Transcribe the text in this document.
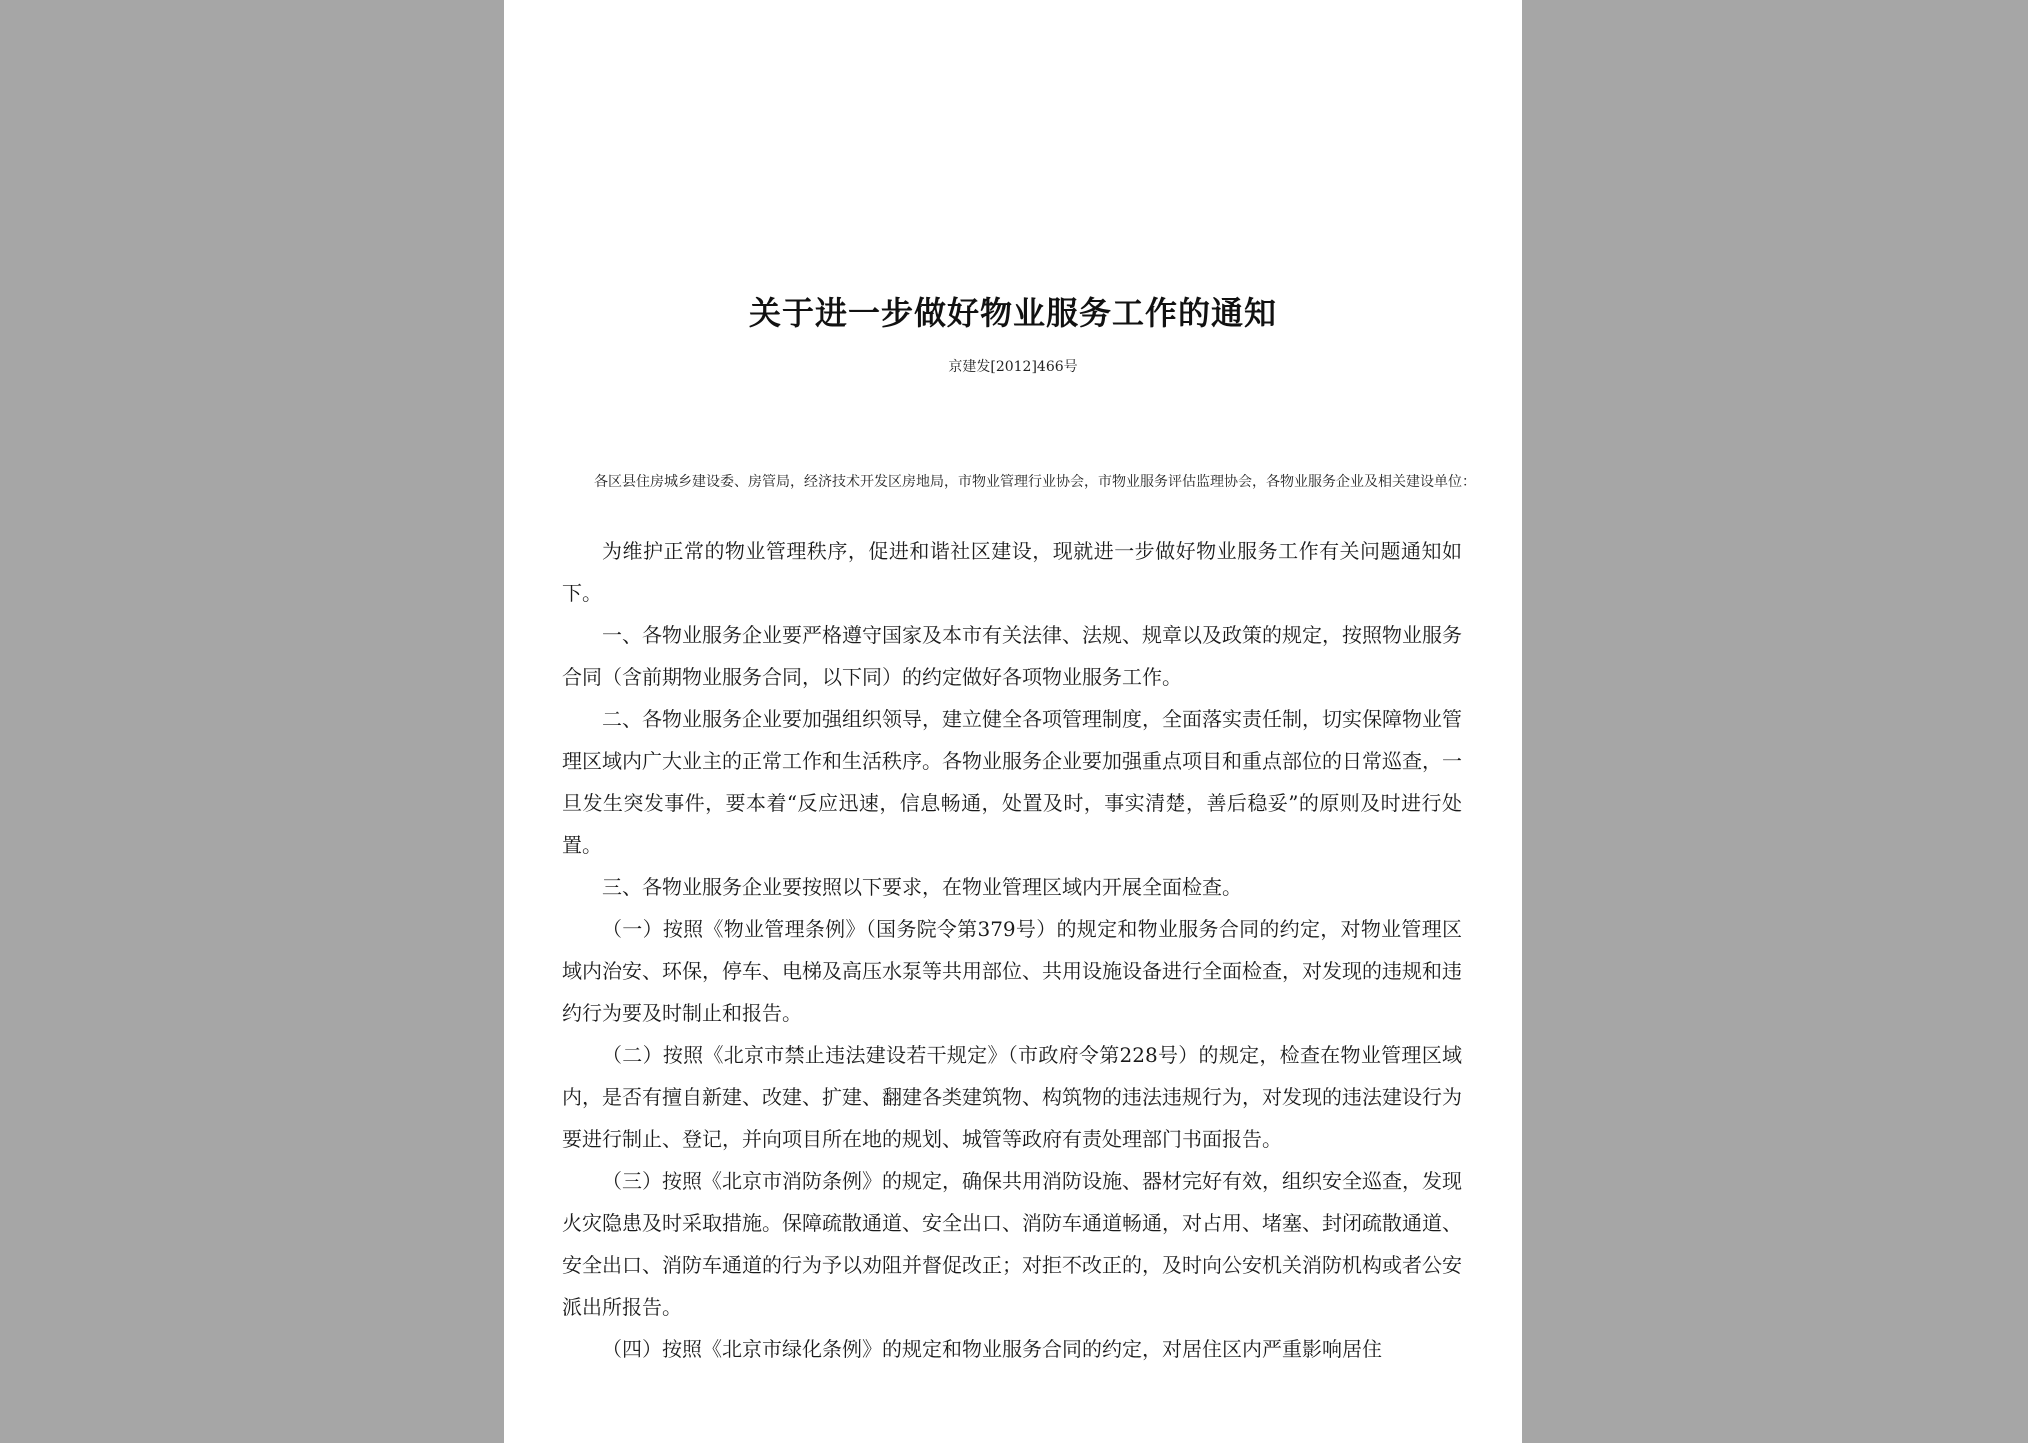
关于进一步做好物业服务工作的通知
京建发[2012]466号
各区县住房城乡建设委、房管局，经济技术开发区房地局，市物业管理行业协会，市物业服务评估监理协会，各物业服务企业及相关建设单位：

为维护正常的物业管理秩序，促进和谐社区建设，现就进一步做好物业服务工作有关问题通知如下。

一、各物业服务企业要严格遵守国家及本市有关法律、法规、规章以及政策的规定，按照物业服务合同（含前期物业服务合同，以下同）的约定做好各项物业服务工作。

二、各物业服务企业要加强组织领导，建立健全各项管理制度，全面落实责任制，切实保障物业管理区域内广大业主的正常工作和生活秩序。各物业服务企业要加强重点项目和重点部位的日常巡查，一旦发生突发事件，要本着“反应迅速，信息畅通，处置及时，事实清楚，善后稳妥”的原则及时进行处置。

三、各物业服务企业要按照以下要求，在物业管理区域内开展全面检查。

（一）按照《物业管理条例》（国务院令第379号）的规定和物业服务合同的约定，对物业管理区域内治安、环保，停车、电梯及高压水泵等共用部位、共用设施设备进行全面检查，对发现的违规和违约行为要及时制止和报告。

（二）按照《北京市禁止违法建设若干规定》（市政府令第228号）的规定，检查在物业管理区域内，是否有擅自新建、改建、扩建、翻建各类建筑物、构筑物的违法违规行为，对发现的违法建设行为要进行制止、登记，并向项目所在地的规划、城管等政府有责处理部门书面报告。

（三）按照《北京市消防条例》的规定，确保共用消防设施、器材完好有效，组织安全巡查，发现火灾隐患及时采取措施。保障疏散通道、安全出口、消防车通道畅通，对占用、堵塞、封闭疏散通道、安全出口、消防车通道的行为予以劝阻并督促改正；对拒不改正的，及时向公安机关消防机构或者公安派出所报告。

（四）按照《北京市绿化条例》的规定和物业服务合同的约定，对居住区内严重影响居住
